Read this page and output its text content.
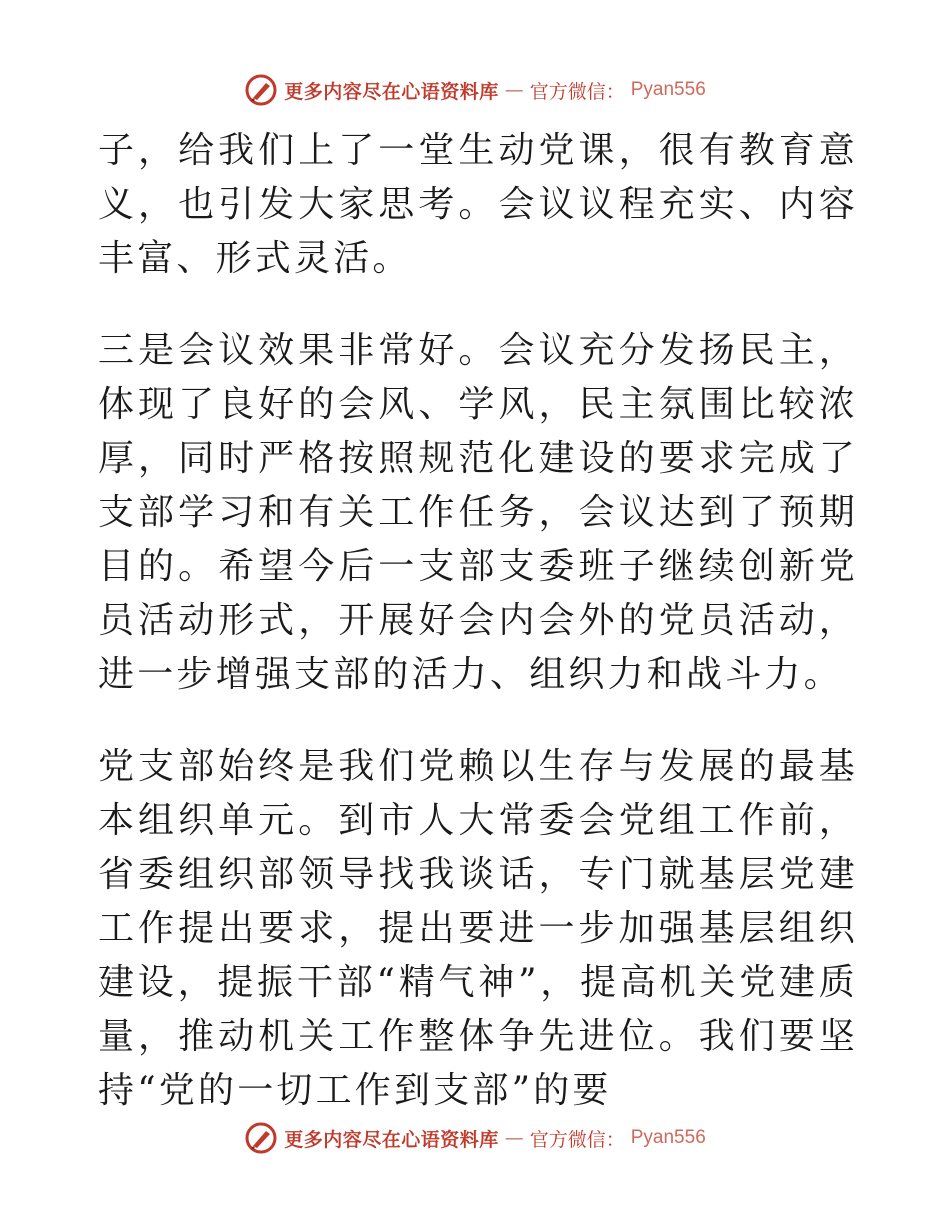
更多内容尽在心语资料库 — 官方微信： Pyan556

子，给我们上了一堂生动党课，很有教育意义，也引发大家思考。会议议程充实、内容丰富、形式灵活。

三是会议效果非常好。会议充分发扬民主，体现了良好的会风、学风，民主氛围比较浓厚，同时严格按照规范化建设的要求完成了支部学习和有关工作任务，会议达到了预期目的。希望今后一支部支委班子继续创新党员活动形式，开展好会内会外的党员活动，进一步增强支部的活力、组织力和战斗力。

党支部始终是我们党赖以生存与发展的最基本组织单元。到市人大常委会党组工作前，省委组织部领导找我谈话，专门就基层党建工作提出要求，提出要进一步加强基层组织建设，提振干部“精气神”，提高机关党建质量，推动机关工作整体争先进位。我们要坚持“党的一切工作到支部”的要

更多内容尽在心语资料库 — 官方微信： Pyan556
